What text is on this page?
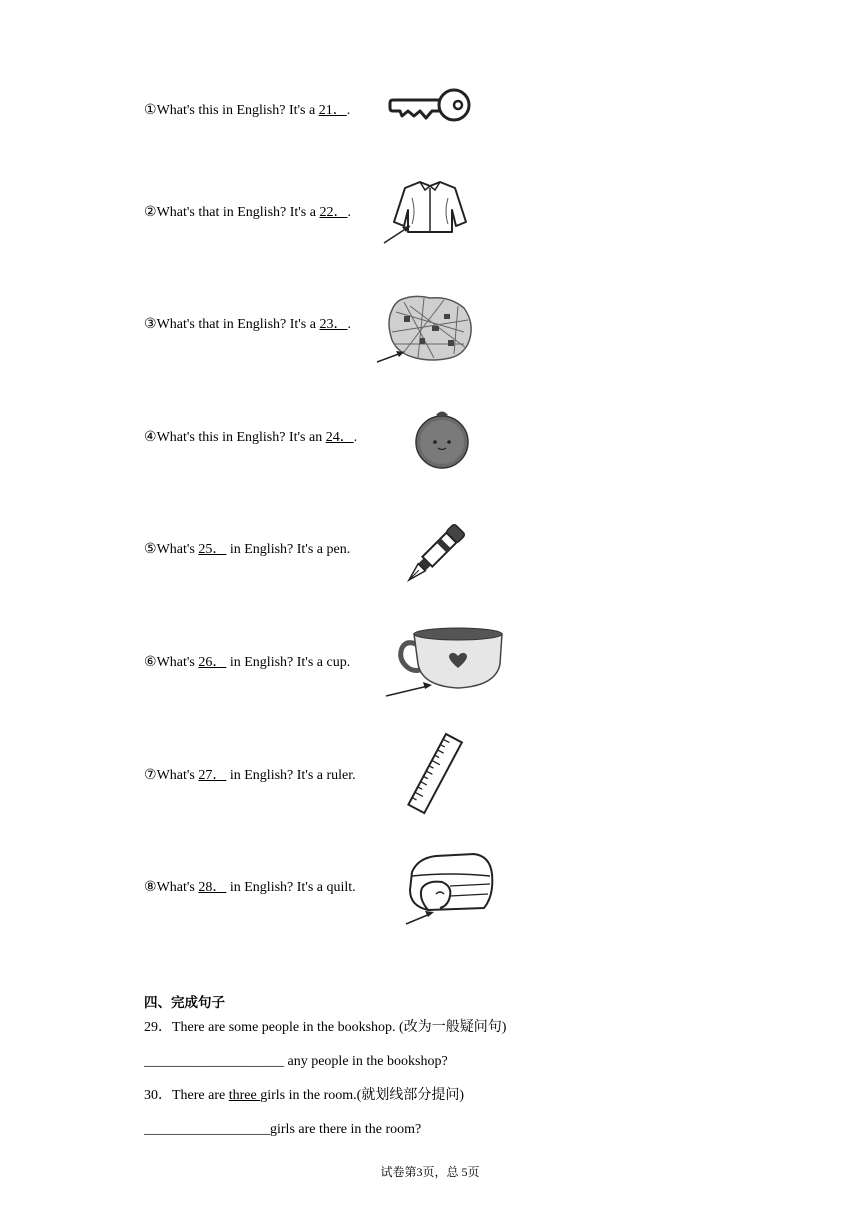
①What's this in English? It's a 21．.
②What's that in English? It's a 22．.
③What's that in English? It's a 23．.
④What's this in English? It's an 24．.
⑤What's 25． in English? It's a pen.
⑥What's 26． in English? It's a cup.
⑦What's 27． in English? It's a ruler.
⑧What's 28． in English? It's a quilt.
四、完成句子
29．There are some people in the bookshop. (改为一般疑问句)
____________________ any people in the bookshop?
30．There are three girls in the room.(就划线部分提问)
__________________girls are there in the room?
试卷第3页，总 5页
